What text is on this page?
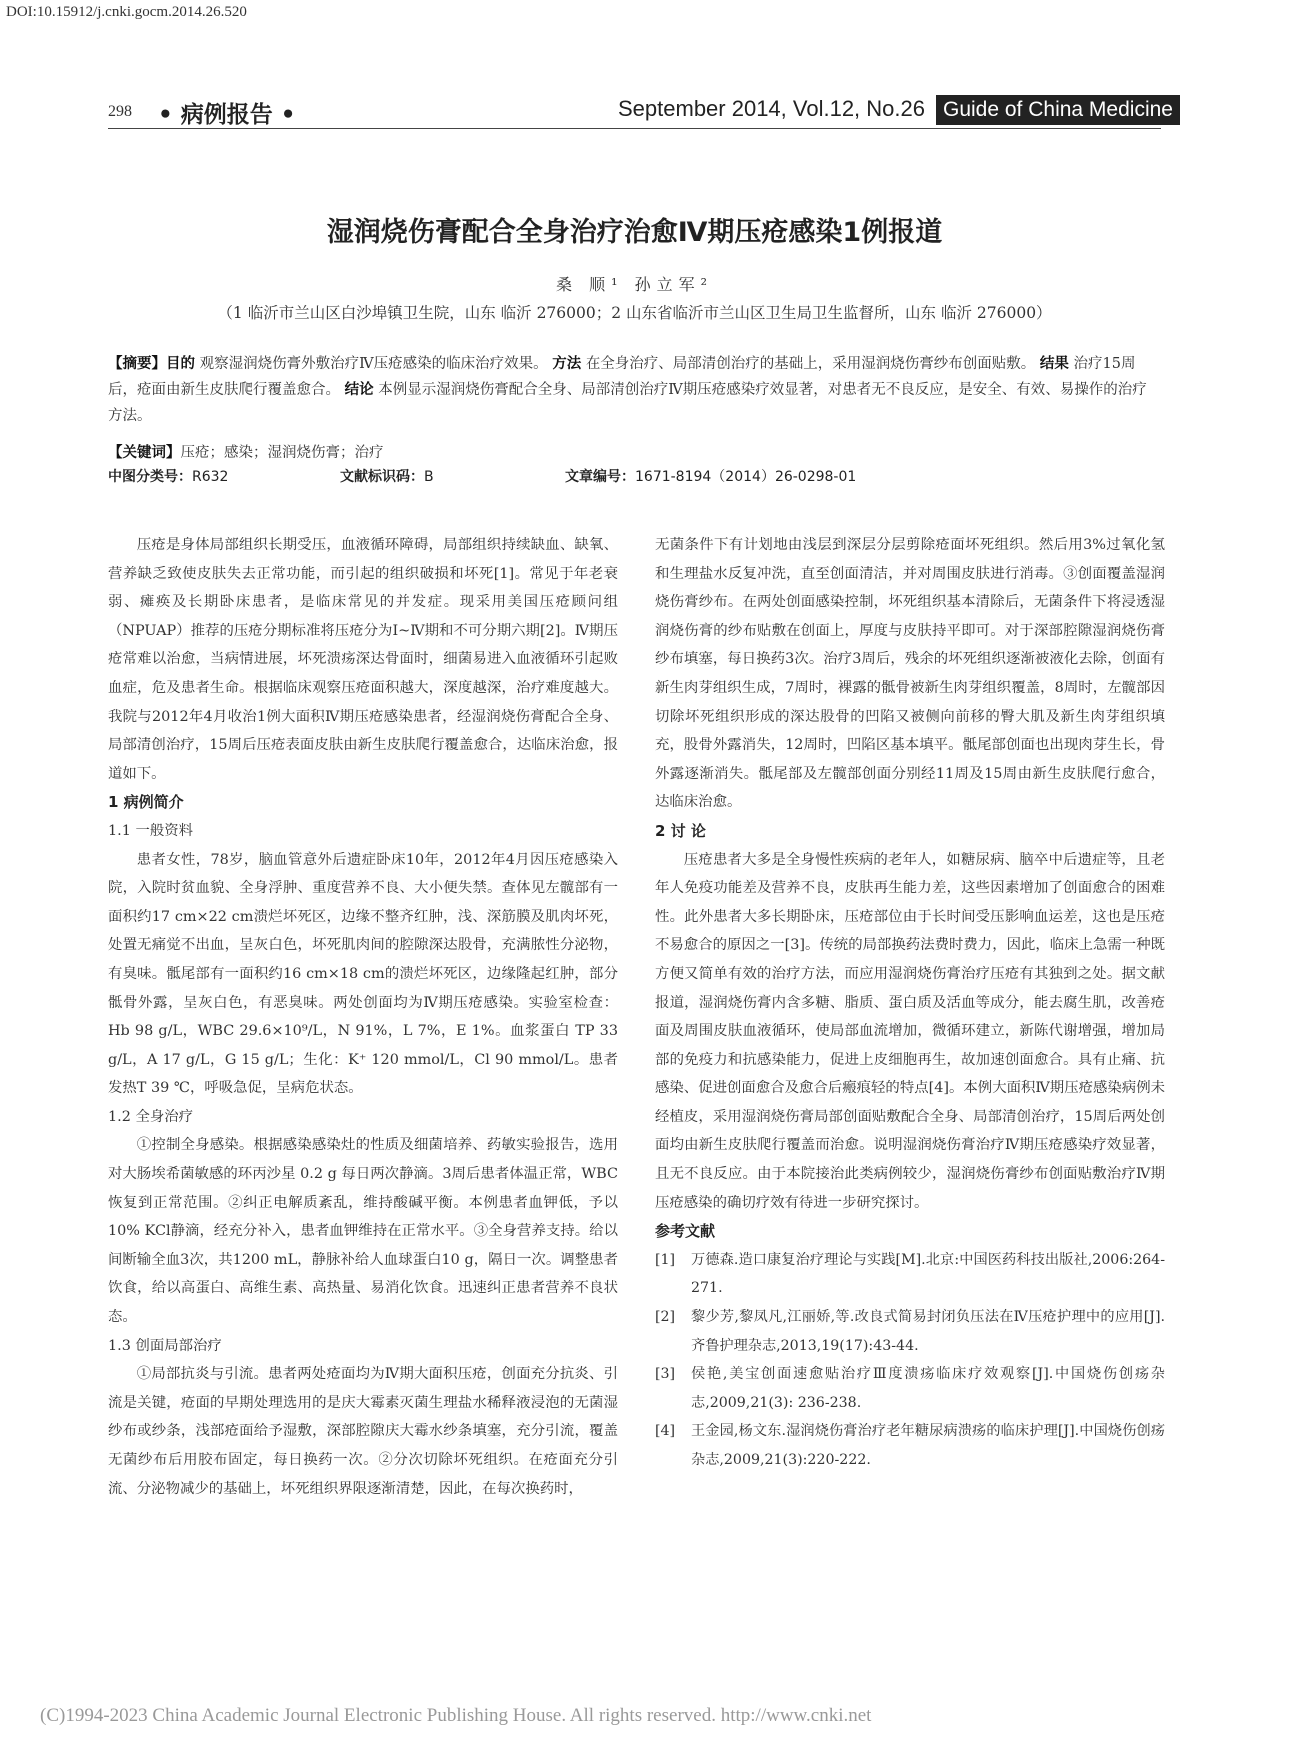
DOI:10.15912/j.cnki.gocm.2014.26.520
298 • 病例报告 •	September 2014, Vol.12, No.26 Guide of China Medicine
湿润烧伤膏配合全身治疗治愈Ⅳ期压疮感染1例报道
桑 顺¹ 孙立军²
（1 临沂市兰山区白沙埠镇卫生院，山东 临沂 276000；2 山东省临沂市兰山区卫生局卫生监督所，山东 临沂 276000）
【摘要】目的 观察湿润烧伤膏外敷治疗Ⅳ压疮感染的临床治疗效果。 方法 在全身治疗、局部清创治疗的基础上，采用湿润烧伤膏纱布创面贴敷。 结果 治疗15周后，疮面由新生皮肤爬行覆盖愈合。 结论 本例显示湿润烧伤膏配合全身、局部清创治疗Ⅳ期压疮感染疗效显著，对患者无不良反应，是安全、有效、易操作的治疗方法。
【关键词】压疮；感染；湿润烧伤膏；治疗
中图分类号：R632	文献标识码：B	文章编号：1671-8194（2014）26-0298-01

压疮是身体局部组织长期受压，血液循环障碍，局部组织持续缺血、缺氧、营养缺乏致使皮肤失去正常功能，而引起的组织破损和坏死[1]。常见于年老衰弱、瘫痪及长期卧床患者，是临床常见的并发症。现采用美国压疮顾问组（NPUAP）推荐的压疮分期标准将压疮分为Ⅰ~Ⅳ期和不可分期六期[2]。Ⅳ期压疮常难以治愈，当病情进展，坏死溃疡深达骨面时，细菌易进入血液循环引起败血症，危及患者生命。根据临床观察压疮面积越大，深度越深，治疗难度越大。我院与2012年4月收治1例大面积Ⅳ期压疮感染患者，经湿润烧伤膏配合全身、局部清创治疗，15周后压疮表面皮肤由新生皮肤爬行覆盖愈合，达临床治愈，报道如下。

1 病例简介
1.1 一般资料

患者女性，78岁，脑血管意外后遗症卧床10年，2012年4月因压疮感染入院，入院时贫血貌、全身浮肿、重度营养不良、大小便失禁。查体见左髋部有一面积约17 cm×22 cm溃烂坏死区，边缘不整齐红肿，浅、深筋膜及肌肉坏死，处置无痛觉不出血，呈灰白色，坏死肌肉间的腔隙深达股骨，充满脓性分泌物，有臭味。骶尾部有一面积约16 cm×18 cm的溃烂坏死区，边缘隆起红肿，部分骶骨外露，呈灰白色，有恶臭味。两处创面均为Ⅳ期压疮感染。实验室检查：Hb 98 g/L，WBC 29.6×10⁹/L，N 91%，L 7%，E 1%。血浆蛋白 TP 33 g/L，A 17 g/L，G 15 g/L；生化：K⁺ 120 mmol/L，Cl 90 mmol/L。患者发热T 39 ℃，呼吸急促，呈病危状态。

1.2 全身治疗

①控制全身感染。根据感染感染灶的性质及细菌培养、药敏实验报告，选用对大肠埃希菌敏感的环丙沙星 0.2 g 每日两次静滴。3周后患者体温正常，WBC恢复到正常范围。②纠正电解质紊乱，维持酸碱平衡。本例患者血钾低，予以10% KCl静滴，经充分补入，患者血钾维持在正常水平。③全身营养支持。给以间断输全血3次，共1200 mL，静脉补给人血球蛋白10 g，隔日一次。调整患者饮食，给以高蛋白、高维生素、高热量、易消化饮食。迅速纠正患者营养不良状态。

1.3 创面局部治疗

①局部抗炎与引流。患者两处疮面均为Ⅳ期大面积压疮，创面充分抗炎、引流是关键，疮面的早期处理选用的是庆大霉素灭菌生理盐水稀释液浸泡的无菌湿纱布或纱条，浅部疮面给予湿敷，深部腔隙庆大霉水纱条填塞，充分引流，覆盖无菌纱布后用胶布固定，每日换药一次。②分次切除坏死组织。在疮面充分引流、分泌物减少的基础上，坏死组织界限逐渐清楚，因此，在每次换药时，

无菌条件下有计划地由浅层到深层分层剪除疮面坏死组织。然后用3%过氧化氢和生理盐水反复冲洗，直至创面清洁，并对周围皮肤进行消毒。③创面覆盖湿润烧伤膏纱布。在两处创面感染控制，坏死组织基本清除后，无菌条件下将浸透湿润烧伤膏的纱布贴敷在创面上，厚度与皮肤持平即可。对于深部腔隙湿润烧伤膏纱布填塞，每日换药3次。治疗3周后，残余的坏死组织逐渐被液化去除，创面有新生肉芽组织生成，7周时，裸露的骶骨被新生肉芽组织覆盖，8周时，左髋部因切除坏死组织形成的深达股骨的凹陷又被侧向前移的臀大肌及新生肉芽组织填充，股骨外露消失，12周时，凹陷区基本填平。骶尾部创面也出现肉芽生长，骨外露逐渐消失。骶尾部及左髋部创面分别经11周及15周由新生皮肤爬行愈合，达临床治愈。

2 讨 论

压疮患者大多是全身慢性疾病的老年人，如糖尿病、脑卒中后遗症等，且老年人免疫功能差及营养不良，皮肤再生能力差，这些因素增加了创面愈合的困难性。此外患者大多长期卧床，压疮部位由于长时间受压影响血运差，这也是压疮不易愈合的原因之一[3]。传统的局部换药法费时费力，因此，临床上急需一种既方便又简单有效的治疗方法，而应用湿润烧伤膏治疗压疮有其独到之处。据文献报道，湿润烧伤膏内含多糖、脂质、蛋白质及活血等成分，能去腐生肌，改善疮面及周围皮肤血液循环，使局部血流增加，微循环建立，新陈代谢增强，增加局部的免疫力和抗感染能力，促进上皮细胞再生，故加速创面愈合。具有止痛、抗感染、促进创面愈合及愈合后瘢痕轻的特点[4]。本例大面积Ⅳ期压疮感染病例未经植皮，采用湿润烧伤膏局部创面贴敷配合全身、局部清创治疗，15周后两处创面均由新生皮肤爬行覆盖而治愈。说明湿润烧伤膏治疗Ⅳ期压疮感染疗效显著，且无不良反应。由于本院接治此类病例较少，湿润烧伤膏纱布创面贴敷治疗Ⅳ期压疮感染的确切疗效有待进一步研究探讨。

参考文献
[1]	万德森.造口康复治疗理论与实践[M].北京:中国医药科技出版社,2006:264-271.
[2]	黎少芳,黎凤凡,江丽娇,等.改良式简易封闭负压法在Ⅳ压疮护理中的应用[J].齐鲁护理杂志,2013,19(17):43-44.
[3]	侯艳,美宝创面速愈贴治疗Ⅲ度溃疡临床疗效观察[J].中国烧伤创疡杂志,2009,21(3): 236-238.
[4]	王金园,杨文东.湿润烧伤膏治疗老年糖尿病溃疡的临床护理[J].中国烧伤创疡杂志,2009,21(3):220-222.
(C)1994-2023 China Academic Journal Electronic Publishing House. All rights reserved. http://www.cnki.net
